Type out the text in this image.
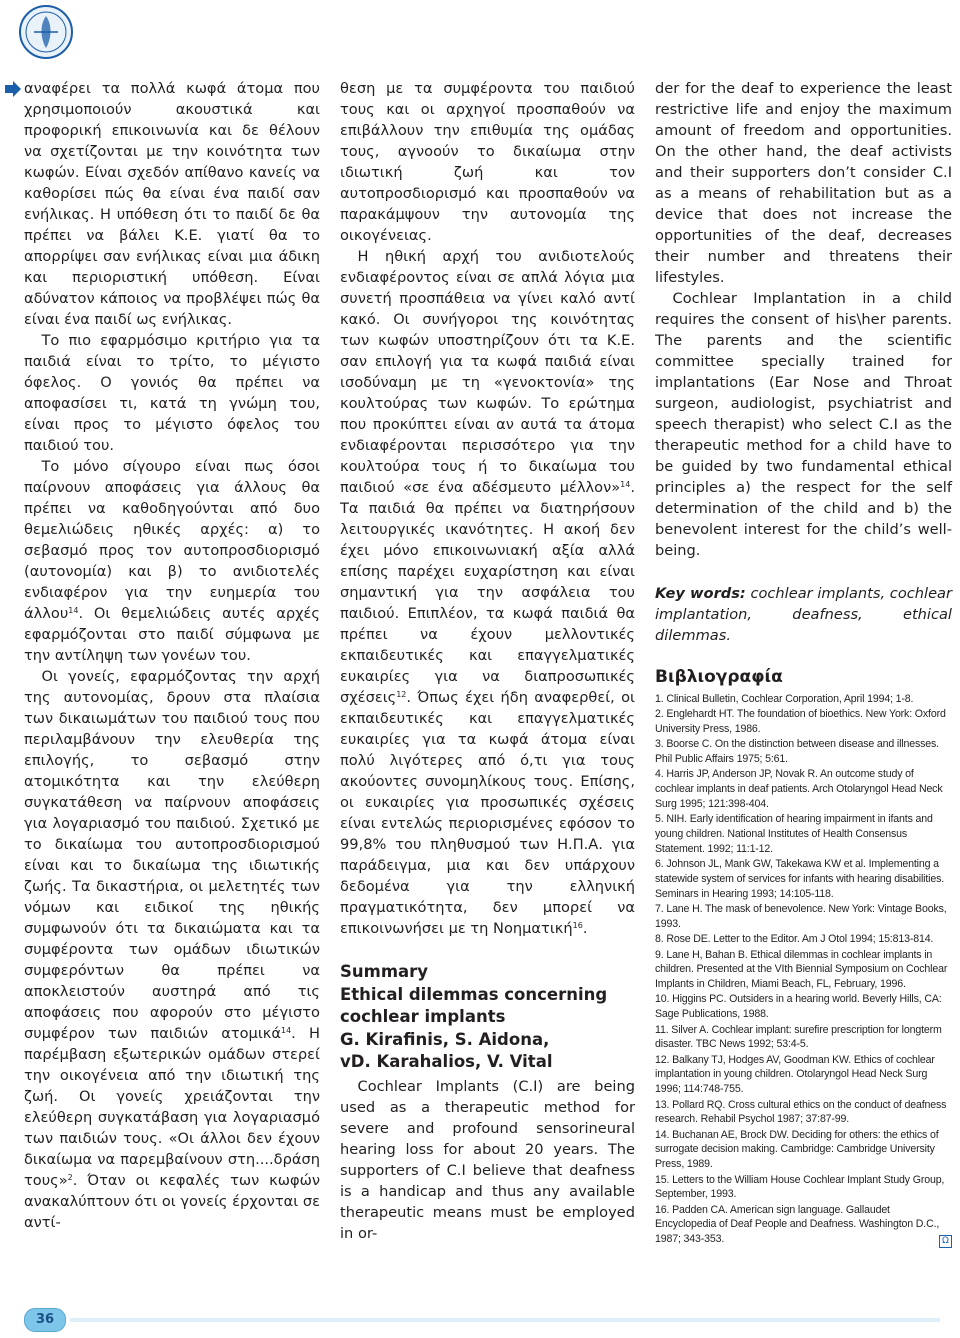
αναφέρει τα πολλά κωφά άτομα που χρησιμοποιούν ακουστικά και προφορική επικοινωνία και δε θέλουν να σχετίζονται με την κοινότητα των κωφών. Είναι σχεδόν απίθανο κανείς να καθορίσει πώς θα είναι ένα παιδί σαν ενήλικας. Η υπόθεση ότι το παιδί δε θα πρέπει να βάλει Κ.Ε. γιατί θα το απορρίψει σαν ενήλικας είναι μια άδικη και περιοριστική υπόθεση. Είναι αδύνατον κάποιος να προβλέψει πώς θα είναι ένα παιδί ως ενήλικας.

Το πιο εφαρμόσιμο κριτήριο για τα παιδιά είναι το τρίτο, το μέγιστο όφελος. Ο γονιός θα πρέπει να αποφασίσει τι, κατά τη γνώμη του, είναι προς το μέγιστο όφελος του παιδιού του.

Το μόνο σίγουρο είναι πως όσοι παίρνουν αποφάσεις για άλλους θα πρέπει να καθοδηγούνται από δυο θεμελιώδεις ηθικές αρχές: α) το σεβασμό προς τον αυτοπροσδιορισμό (αυτονομία) και β) το ανιδιοτελές ενδιαφέρον για την ευημερία του άλλου$^{14}$. Οι θεμελιώδεις αυτές αρχές εφαρμόζονται στο παιδί σύμφωνα με την αντίληψη των γονέων του.

Οι γονείς, εφαρμόζοντας την αρχή της αυτονομίας, δρουν στα πλαίσια των δικαιωμάτων του παιδιού τους που περιλαμβάνουν την ελευθερία της επιλογής, το σεβασμό στην ατομικότητα και την ελεύθερη συγκατάθεση να παίρνουν αποφάσεις για λογαριασμό του παιδιού. Σχετικό με το δικαίωμα του αυτοπροσδιορισμού είναι και το δικαίωμα της ιδιωτικής ζωής. Τα δικαστήρια, οι μελετητές των νόμων και ειδικοί της ηθικής συμφωνούν ότι τα δικαιώματα και τα συμφέροντα των ομάδων ιδιωτικών συμφερόντων θα πρέπει να αποκλειστούν αυστηρά από τις αποφάσεις που αφορούν στο μέγιστο συμφέρον των παιδιών ατομικά$^{14}$. Η παρέμβαση εξωτερικών ομάδων στερεί την οικογένεια από την ιδιωτική της ζωή. Οι γονείς χρειάζονται την ελεύθερη συγκατάβαση για λογαριασμό των παιδιών τους. «Οι άλλοι δεν έχουν δικαίωμα να παρεμβαίνουν στη....δράση τους»$^2$. Όταν οι κεφαλές των κωφών ανακαλύπτουν ότι οι γονείς έρχονται σε αντί-

θεση με τα συμφέροντα του παιδιού τους και οι αρχηγοί προσπαθούν να επιβάλλουν την επιθυμία της ομάδας τους, αγνοούν το δικαίωμα στην ιδιωτική ζωή και τον αυτοπροσδιορισμό και προσπαθούν να παρακάμψουν την αυτονομία της οικογένειας.

Η ηθική αρχή του ανιδιοτελούς ενδιαφέροντος είναι σε απλά λόγια μια συνετή προσπάθεια να γίνει καλό αντί κακό. Οι συνήγοροι της κοινότητας των κωφών υποστηρίζουν ότι τα Κ.Ε. σαν επιλογή για τα κωφά παιδιά είναι ισοδύναμη με τη «γενοκτονία» της κουλτούρας των κωφών. Το ερώτημα που προκύπτει είναι αν αυτά τα άτομα ενδιαφέρονται περισσότερο για την κουλτούρα τους ή το δικαίωμα του παιδιού «σε ένα αδέσμευτο μέλλον»$^{14}$. Τα παιδιά θα πρέπει να διατηρήσουν λειτουργικές ικανότητες. Η ακοή δεν έχει μόνο επικοινωνιακή αξία αλλά επίσης παρέχει ευχαρίστηση και είναι σημαντική για την ασφάλεια του παιδιού. Επιπλέον, τα κωφά παιδιά θα πρέπει να έχουν μελλοντικές εκπαιδευτικές και επαγγελματικές ευκαιρίες για να διαπροσωπικές σχέσεις$^{12}$. Όπως έχει ήδη αναφερθεί, οι εκπαιδευτικές και επαγγελματικές ευκαιρίες για τα κωφά άτομα είναι πολύ λιγότερες από ό,τι για τους ακούοντες συνομηλίκους τους. Επίσης, οι ευκαιρίες για προσωπικές σχέσεις είναι εντελώς περιορισμένες εφόσον το 99,8% του πληθυσμού των Η.Π.Α. για παράδειγμα, μια και δεν υπάρχουν δεδομένα για την ελληνική πραγματικότητα, δεν μπορεί να επικοινωνήσει με τη Νοηματική$^{16}$.

Summary
Ethical dilemmas concerning
cochlear implants
G. Kirafinis, S. Aidona,
vD. Karahalios, V. Vital

Cochlear Implants (C.I) are being used as a therapeutic method for severe and profound sensorineural hearing loss for about 20 years. The supporters of C.I believe that deafness is a handicap and thus any available therapeutic means must be employed in or-

der for the deaf to experience the least restrictive life and enjoy the maximum amount of freedom and opportunities. On the other hand, the deaf activists and their supporters don’t consider C.I as a means of rehabilitation but as a device that does not increase the opportunities of the deaf, decreases their number and threatens their lifestyles.

Cochlear Implantation in a child requires the consent of his\her parents. The parents and the scientific committee specially trained for implantations (Ear Nose and Throat surgeon, audiologist, psychiatrist and speech therapist) who select C.I as the therapeutic method for a child have to be guided by two fundamental ethical principles a) the respect for the self determination of the child and b) the benevolent interest for the child’s well-being.

Key words: cochlear implants, cochlear implantation, deafness, ethical dilemmas.
Βιβλιογραφία
1. Clinical Bulletin, Cochlear Corporation, April 1994; 1-8.
2. Englehardt HT. The foundation of bioethics. New York: Oxford University Press, 1986.
3. Boorse C. On the distinction between disease and illnesses. Phil Public Affairs 1975; 5:61.
4. Harris JP, Anderson JP, Novak R. An outcome study of cochlear implants in deaf patients. Arch Otolaryngol Head Neck Surg 1995; 121:398-404.
5. NIH. Early identification of hearing impairment in ifants and young children. National Institutes of Health Consensus Statement. 1992; 11:1-12.
6. Johnson JL, Mank GW, Takekawa KW et al. Implementing a statewide system of services for infants with hearing disabilities. Seminars in Hearing 1993; 14:105-118.
7. Lane H. The mask of benevolence. New York: Vintage Books, 1993.
8. Rose DE. Letter to the Editor. Am J Otol 1994; 15:813-814.
9. Lane H, Bahan B. Ethical dilemmas in cochlear implants in children. Presented at the VIth Biennial Symposium on Cochlear Implants in Children, Miami Beach, FL, February, 1996.
10. Higgins PC. Outsiders in a hearing world. Beverly Hills, CA: Sage Publications, 1988.
11. Silver A. Cochlear implant: surefire prescription for longterm disaster. TBC News 1992; 53:4-5.
12. Balkany TJ, Hodges AV, Goodman KW. Ethics of cochlear implantation in young children. Otolaryngol Head Neck Surg 1996; 114:748-755.
13. Pollard RQ. Cross cultural ethics on the conduct of deafness research. Rehabil Psychol 1987; 37:87-99.
14. Buchanan AE, Brock DW. Deciding for others: the ethics of surrogate decision making. Cambridge: Cambridge University Press, 1989.
15. Letters to the William House Cochlear Implant Study Group, September, 1993.
16. Padden CA. American sign language. Gallaudet Encyclopedia of Deaf People and Deafness. Washington D.C., 1987; 343-353.	Ω
36
